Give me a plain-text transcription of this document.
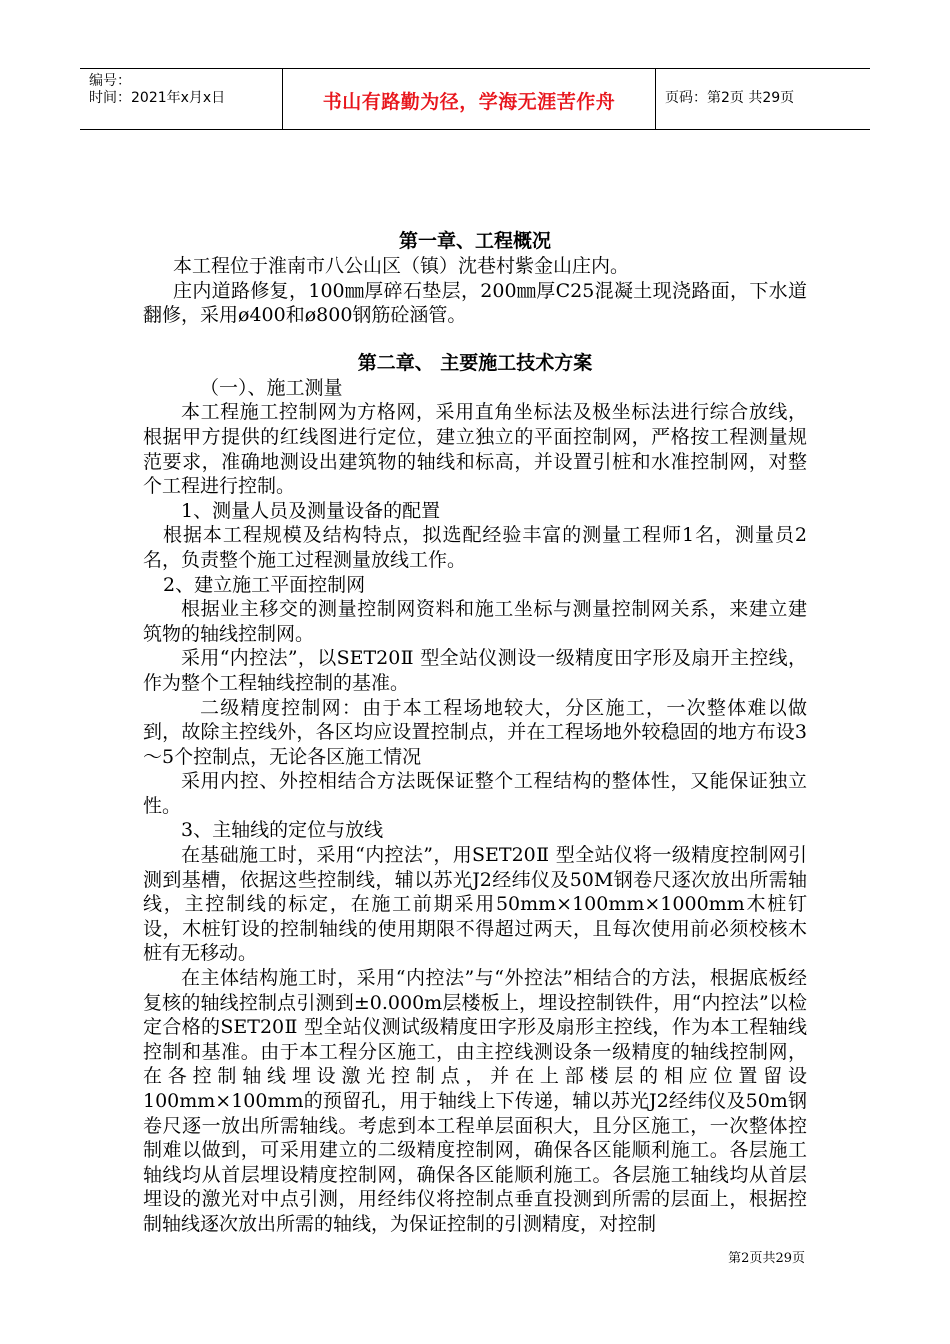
编号：
时间：2021年x月x日	书山有路勤为径，学海无涯苦作舟	页码：第2页 共29页
第一章、工程概况

本工程位于淮南市八公山区（镇）沈巷村紫金山庄内。

庄内道路修复，100㎜厚碎石垫层，200㎜厚C25混凝土现浇路面，下水道翻修，采用ø400和ø800钢筋砼涵管。

第二章、 主要施工技术方案

（一）、施工测量

本工程施工控制网为方格网，采用直角坐标法及极坐标法进行综合放线，根据甲方提供的红线图进行定位，建立独立的平面控制网，严格按工程测量规范要求，准确地测设出建筑物的轴线和标高，并设置引桩和水准控制网，对整个工程进行控制。

1、测量人员及测量设备的配置

根据本工程规模及结构特点，拟选配经验丰富的测量工程师1名，测量员2名，负责整个施工过程测量放线工作。

2、建立施工平面控制网

根据业主移交的测量控制网资料和施工坐标与测量控制网关系，来建立建筑物的轴线控制网。

采用“内控法”，以SET20Ⅱ 型全站仪测设一级精度田字形及扇开主控线，作为整个工程轴线控制的基准。

二级精度控制网：由于本工程场地较大，分区施工，一次整体难以做到，故除主控线外，各区均应设置控制点，并在工程场地外较稳固的地方布设3～5个控制点，无论各区施工情况

采用内控、外控相结合方法既保证整个工程结构的整体性，又能保证独立性。

3、主轴线的定位与放线

在基础施工时，采用“内控法”，用SET20Ⅱ 型全站仪将一级精度控制网引测到基槽，依据这些控制线，辅以苏光J2经纬仪及50M钢卷尺逐次放出所需轴线，主控制线的标定，在施工前期采用50mm×100mm×1000mm木桩钉设，木桩钉设的控制轴线的使用期限不得超过两天，且每次使用前必须校核木桩有无移动。

在主体结构施工时，采用“内控法”与“外控法”相结合的方法，根据底板经复核的轴线控制点引测到±0.000m层楼板上，埋设控制铁件，用“内控法”以检定合格的SET20Ⅱ 型全站仪测试级精度田字形及扇形主控线，作为本工程轴线控制和基准。由于本工程分区施工，由主控线测设条一级精度的轴线控制网，在各控制轴线埋设激光控制点，并在上部楼层的相应位置留设100mm×100mm的预留孔，用于轴线上下传递，辅以苏光J2经纬仪及50m钢卷尺逐一放出所需轴线。考虑到本工程单层面积大，且分区施工，一次整体控制难以做到，可采用建立的二级精度控制网，确保各区能顺利施工。各层施工轴线均从首层埋设精度控制网，确保各区能顺利施工。各层施工轴线均从首层埋设的激光对中点引测，用经纬仪将控制点垂直投测到所需的层面上，根据控制轴线逐次放出所需的轴线，为保证控制的引测精度，对控制

第2页共29页
